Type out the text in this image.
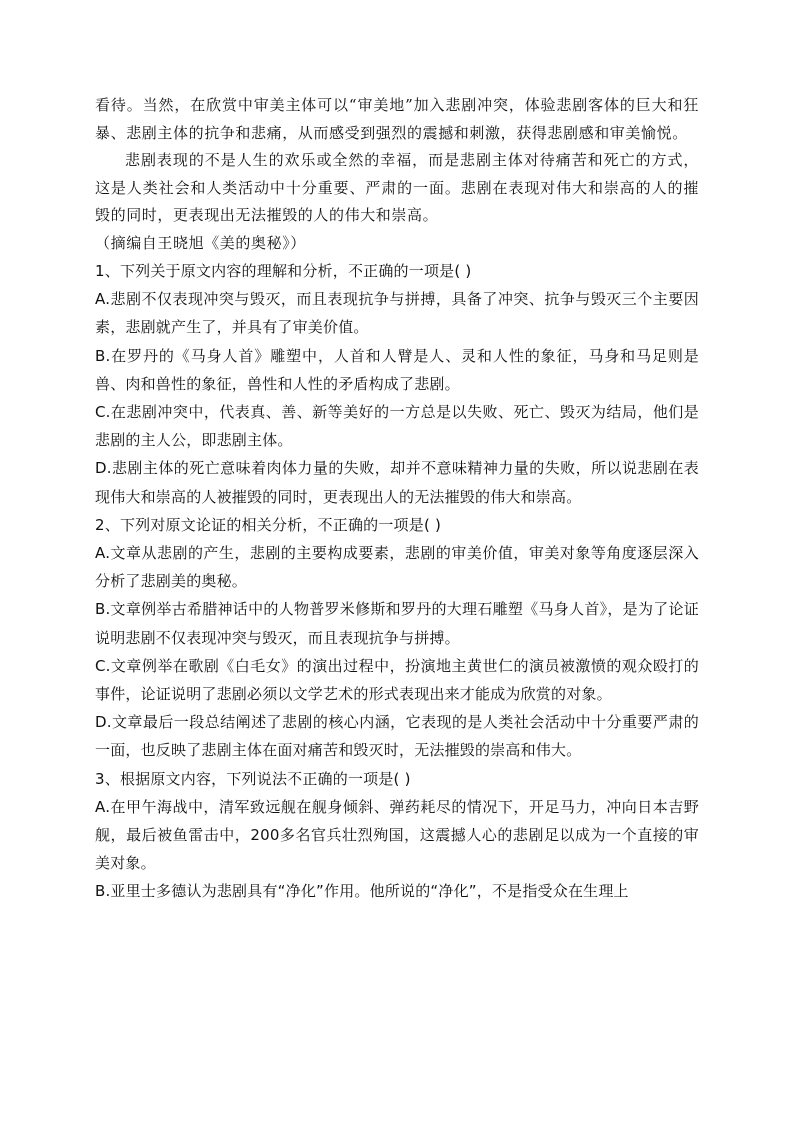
看待。当然，在欣赏中审美主体可以“审美地”加入悲剧冲突，体验悲剧客体的巨大和狂暴、悲剧主体的抗争和悲痛，从而感受到强烈的震撼和刺激，获得悲剧感和审美愉悦。

悲剧表现的不是人生的欢乐或全然的幸福，而是悲剧主体对待痛苦和死亡的方式，这是人类社会和人类活动中十分重要、严肃的一面。悲剧在表现对伟大和崇高的人的摧毁的同时，更表现出无法摧毁的人的伟大和崇高。

（摘编自王晓旭《美的奥秘》）

1、下列关于原文内容的理解和分析，不正确的一项是( )

A.悲剧不仅表现冲突与毁灭，而且表现抗争与拼搏，具备了冲突、抗争与毁灭三个主要因素，悲剧就产生了，并具有了审美价值。

B.在罗丹的《马身人首》雕塑中，人首和人臂是人、灵和人性的象征，马身和马足则是兽、肉和兽性的象征，兽性和人性的矛盾构成了悲剧。

C.在悲剧冲突中，代表真、善、新等美好的一方总是以失败、死亡、毁灭为结局，他们是悲剧的主人公，即悲剧主体。

D.悲剧主体的死亡意味着肉体力量的失败，却并不意味精神力量的失败，所以说悲剧在表现伟大和崇高的人被摧毁的同时，更表现出人的无法摧毁的伟大和崇高。

2、下列对原文论证的相关分析，不正确的一项是( )

A.文章从悲剧的产生，悲剧的主要构成要素，悲剧的审美价值，审美对象等角度逐层深入分析了悲剧美的奥秘。

B.文章例举古希腊神话中的人物普罗米修斯和罗丹的大理石雕塑《马身人首》，是为了论证说明悲剧不仅表现冲突与毁灭，而且表现抗争与拼搏。

C.文章例举在歌剧《白毛女》的演出过程中，扮演地主黄世仁的演员被激愤的观众殴打的事件，论证说明了悲剧必须以文学艺术的形式表现出来才能成为欣赏的对象。

D.文章最后一段总结阐述了悲剧的核心内涵，它表现的是人类社会活动中十分重要严肃的一面，也反映了悲剧主体在面对痛苦和毁灭时，无法摧毁的崇高和伟大。

3、根据原文内容，下列说法不正确的一项是( )

A.在甲午海战中，清军致远舰在舰身倾斜、弹药耗尽的情况下，开足马力，冲向日本吉野舰，最后被鱼雷击中，200多名官兵壮烈殉国，这震撼人心的悲剧足以成为一个直接的审美对象。

B.亚里士多德认为悲剧具有“净化”作用。他所说的“净化”，不是指受众在生理上
